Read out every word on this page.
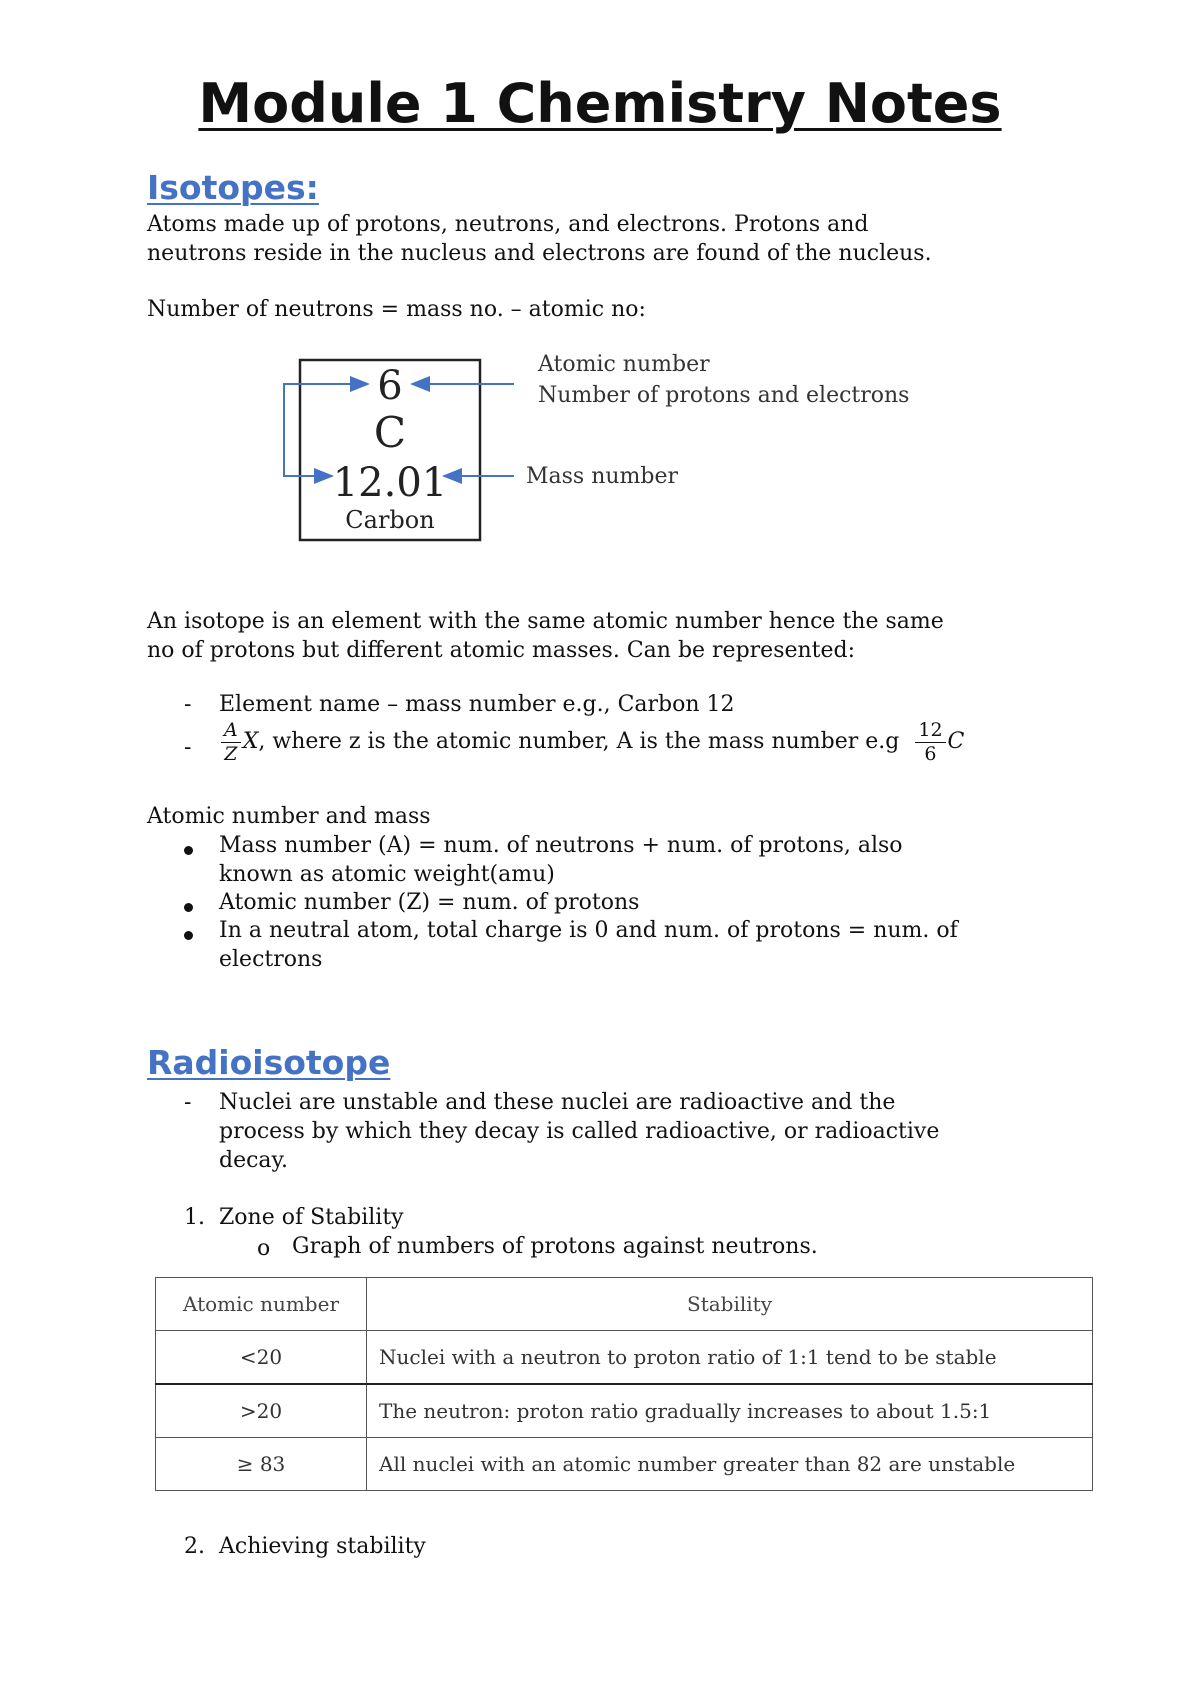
Module 1 Chemistry Notes
Isotopes:

Atoms made up of protons, neutrons, and electrons. Protons and

neutrons reside in the nucleus and electrons are found of the nucleus.

Number of neutrons = mass no. – atomic no:

6
C
12.01
Carbon
Atomic number
Number of protons and electrons
Mass number

An isotope is an element with the same atomic number hence the same

no of protons but different atomic masses. Can be represented:

-	Element name – mass number e.g., Carbon 12

-	$\frac{A}{Z} X$, where z is the atomic number, A is the mass number $e.g \frac{12}{6}$ C

Atomic number and mass

Mass number (A) = num. of neutrons + num. of protons, also

known as atomic weight(amu)

Atomic number (Z) = num. of protons

In a neutral atom, total charge is 0 and num. of protons = num. of

electrons

Radioisotope
-	Nuclei are unstable and these nuclei are radioactive and the

process by which they decay is called radioactive, or radioactive

decay.

1. Zone of Stability

o Graph of numbers of protons against neutrons.

Atomic number	Stability
<20	Nuclei with a neutron to proton ratio of 1:1 tend to be stable
>20	The neutron: proton ratio gradually increases to about 1.5:1
≥ 83	All nuclei with an atomic number greater than 82 are unstable
2. Achieving stability
